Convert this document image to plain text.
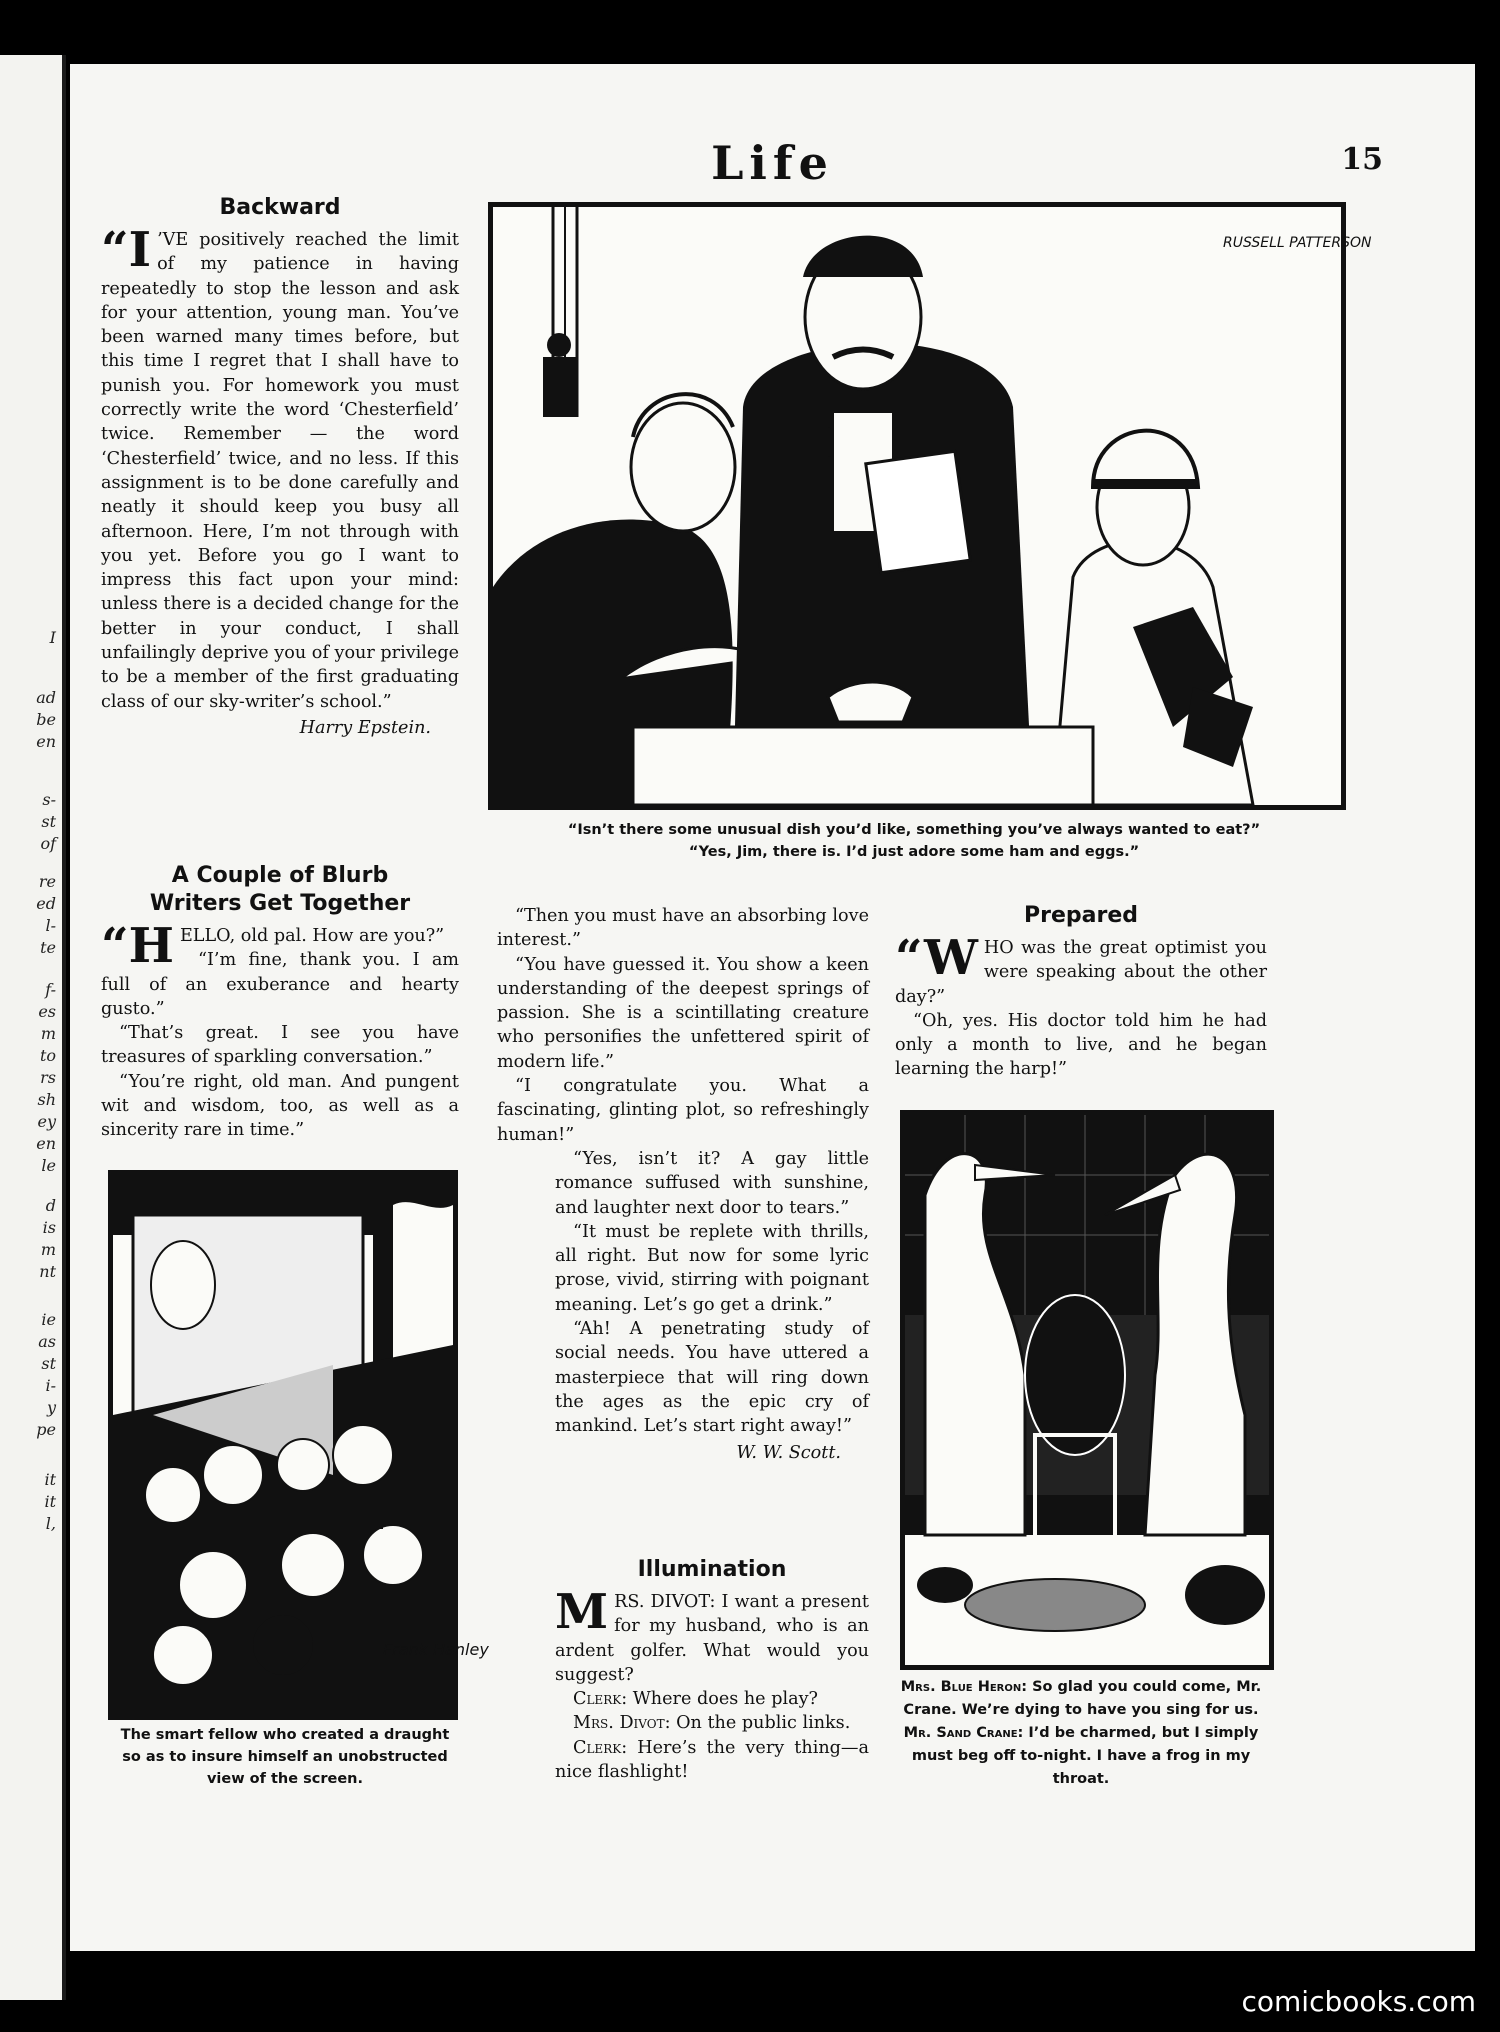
I
ad
be
en
s-
st
of
re
ed
l-
te
f-
es
m
to
rs
sh
ey
en
le
d
is
m
nt
ie
as
st
i-
y
pe
it
it
l,
Life	15
Backward

“I ’VE positively reached the limit of my patience in having repeatedly to stop the lesson and ask for your attention, young man. You’ve been warned many times before, but this time I regret that I shall have to punish you. For homework you must correctly write the word ‘Chesterfield’ twice. Remember — the word ‘Chesterfield’ twice, and no less. If this assignment is to be done carefully and neatly it should keep you busy all afternoon. Here, I’m not through with you yet. Before you go I want to impress this fact upon your mind: unless there is a decided change for the better in your conduct, I shall unfailingly deprive you of your privilege to be a member of the first graduating class of our sky-writer’s school.”

Harry Epstein.
RUSSELL PATTERSON
“Isn’t there some unusual dish you’d like, something you’ve always wanted to eat?”
“Yes, Jim, there is. I’d just adore some ham and eggs.”
A Couple of Blurb Writers Get Together

“HELLO, old pal. How are you?”

“I’m fine, thank you. I am full of an exuberance and hearty gusto.”

“That’s great. I see you have treasures of sparkling conversation.”

“You’re right, old man. And pungent wit and wisdom, too, as well as a sincerity rare in time.”

“Then you must have an absorbing love interest.”

“You have guessed it. You show a keen understanding of the deepest springs of passion. She is a scintillating creature who personifies the unfettered spirit of modern life.”

“I congratulate you. What a fascinating, glinting plot, so refreshingly human!”

“Yes, isn’t it? A gay little romance suffused with sunshine, and laughter next door to tears.”

“It must be replete with thrills, all right. But now for some lyric prose, vivid, stirring with poignant meaning. Let’s go get a drink.”

“Ah! A penetrating study of social needs. You have uttered a masterpiece that will ring down the ages as the epic cry of mankind. Let’s start right away!”

W. W. Scott.
Frank Hanley
The smart fellow who created a draught so as to insure himself an unobstructed view of the screen.
Illumination

MRS. DIVOT: I want a present for my husband, who is an ardent golfer. What would you suggest?

Clerk: Where does he play?

Mrs. Divot: On the public links.

Clerk: Here’s the very thing—a nice flashlight!

Prepared

“WHO was the great optimist you were speaking about the other day?”

“Oh, yes. His doctor told him he had only a month to live, and he began learning the harp!”

Mrs. Blue Heron: So glad you could come, Mr. Crane. We’re dying to have you sing for us.
Mr. Sand Crane: I’d be charmed, but I simply must beg off to-night. I have a frog in my throat.
comicbooks.com
